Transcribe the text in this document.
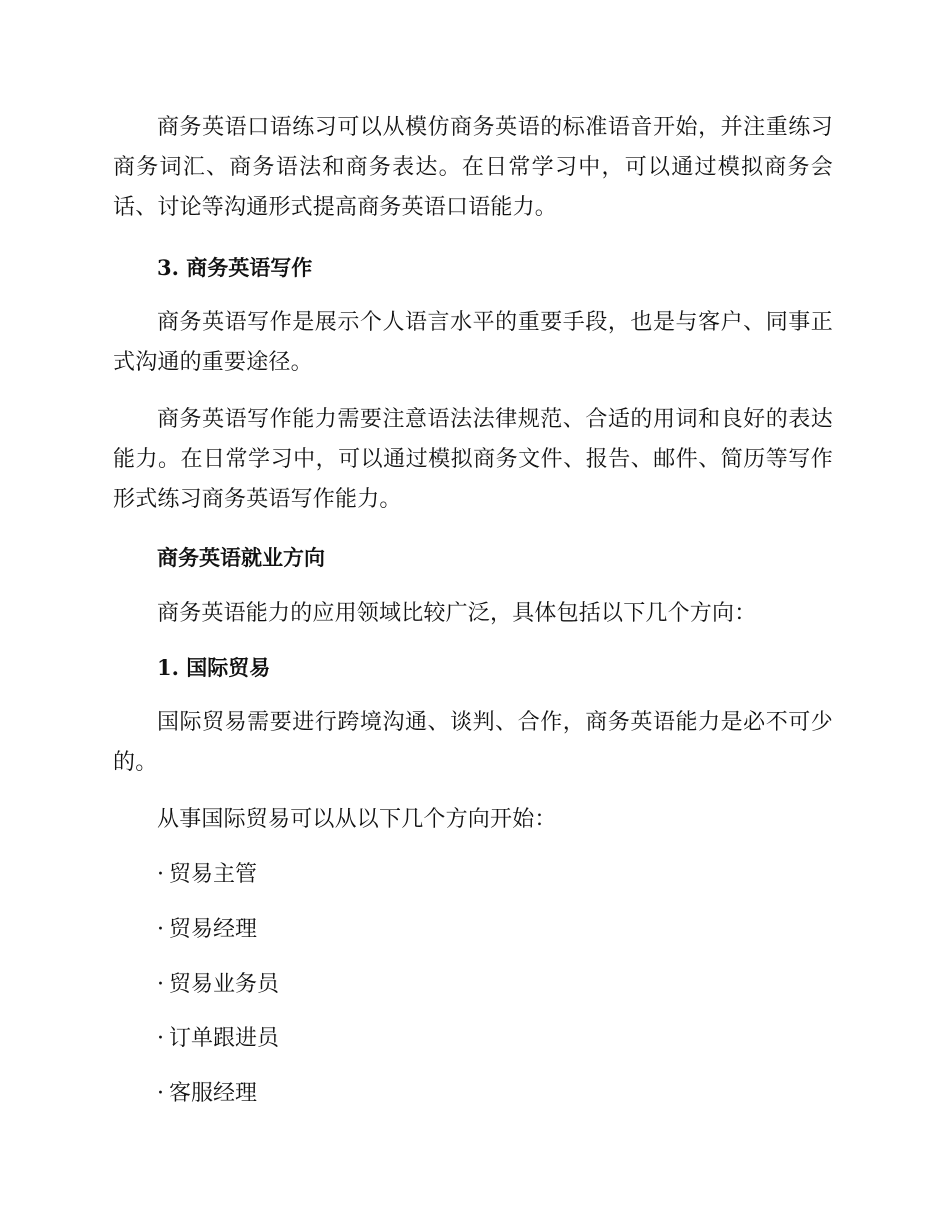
商务英语口语练习可以从模仿商务英语的标准语音开始，并注重练习商务词汇、商务语法和商务表达。在日常学习中，可以通过模拟商务会话、讨论等沟通形式提高商务英语口语能力。

3. 商务英语写作

商务英语写作是展示个人语言水平的重要手段，也是与客户、同事正式沟通的重要途径。

商务英语写作能力需要注意语法法律规范、合适的用词和良好的表达能力。在日常学习中，可以通过模拟商务文件、报告、邮件、简历等写作形式练习商务英语写作能力。

商务英语就业方向

商务英语能力的应用领域比较广泛，具体包括以下几个方向：

1. 国际贸易

国际贸易需要进行跨境沟通、谈判、合作，商务英语能力是必不可少的。

从事国际贸易可以从以下几个方向开始：

· 贸易主管
· 贸易经理
· 贸易业务员
· 订单跟进员
· 客服经理
